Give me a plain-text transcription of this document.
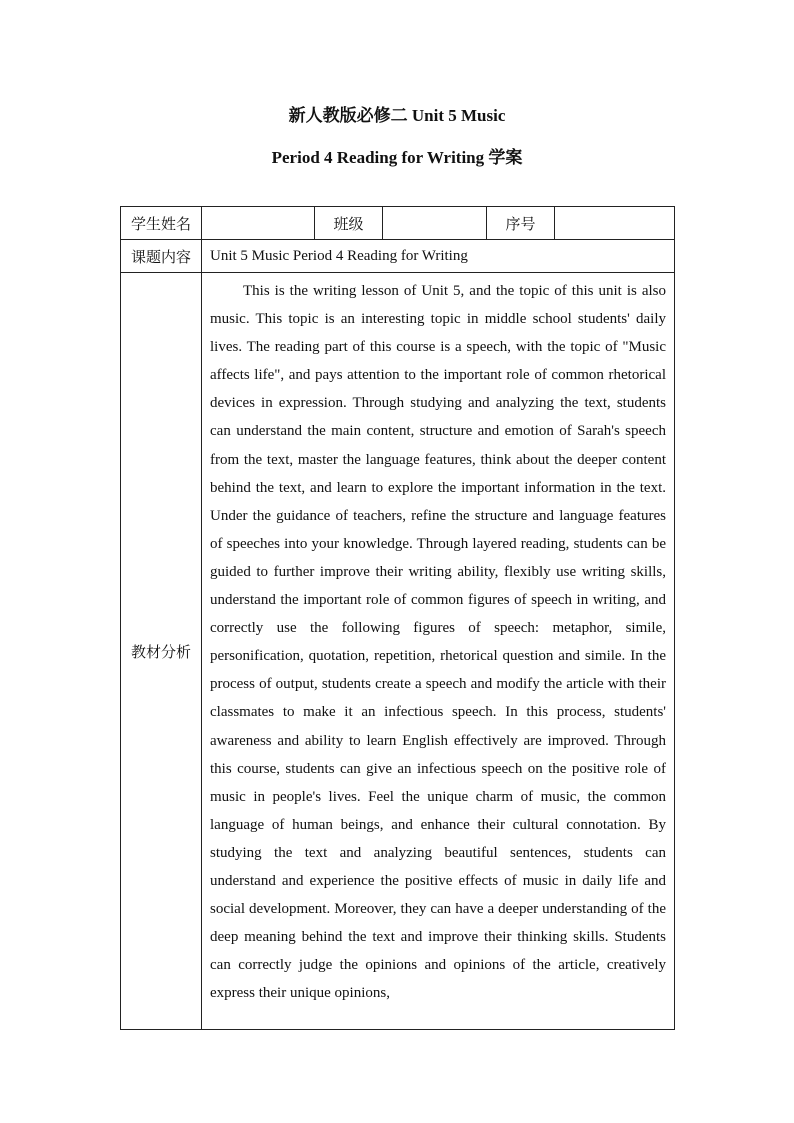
新人教版必修二 Unit 5 Music
Period 4 Reading for Writing 学案
学生姓名		班级		序号	
课题内容	Unit 5 Music Period 4 Reading for Writing				
教材分析	This is the writing lesson of Unit 5, and the topic of this unit is also music. This topic is an interesting topic in middle school students' daily lives. The reading part of this course is a speech, with the topic of "Music affects life", and pays attention to the important role of common rhetorical devices in expression. Through studying and analyzing the text, students can understand the main content, structure and emotion of Sarah's speech from the text, master the language features, think about the deeper content behind the text, and learn to explore the important information in the text. Under the guidance of teachers, refine the structure and language features of speeches into your knowledge. Through layered reading, students can be guided to further improve their writing ability, flexibly use writing skills, understand the important role of common figures of speech in writing, and correctly use the following figures of speech: metaphor, simile, personification, quotation, repetition, rhetorical question and simile. In the process of output, students create a speech and modify the article with their classmates to make it an infectious speech. In this process, students' awareness and ability to learn English effectively are improved. Through this course, students can give an infectious speech on the positive role of music in people's lives. Feel the unique charm of music, the common language of human beings, and enhance their cultural connotation. By studying the text and analyzing beautiful sentences, students can understand and experience the positive effects of music in daily life and social development. Moreover, they can have a deeper understanding of the deep meaning behind the text and improve their thinking skills. Students can correctly judge the opinions and opinions of the article, creatively express their unique opinions,				
